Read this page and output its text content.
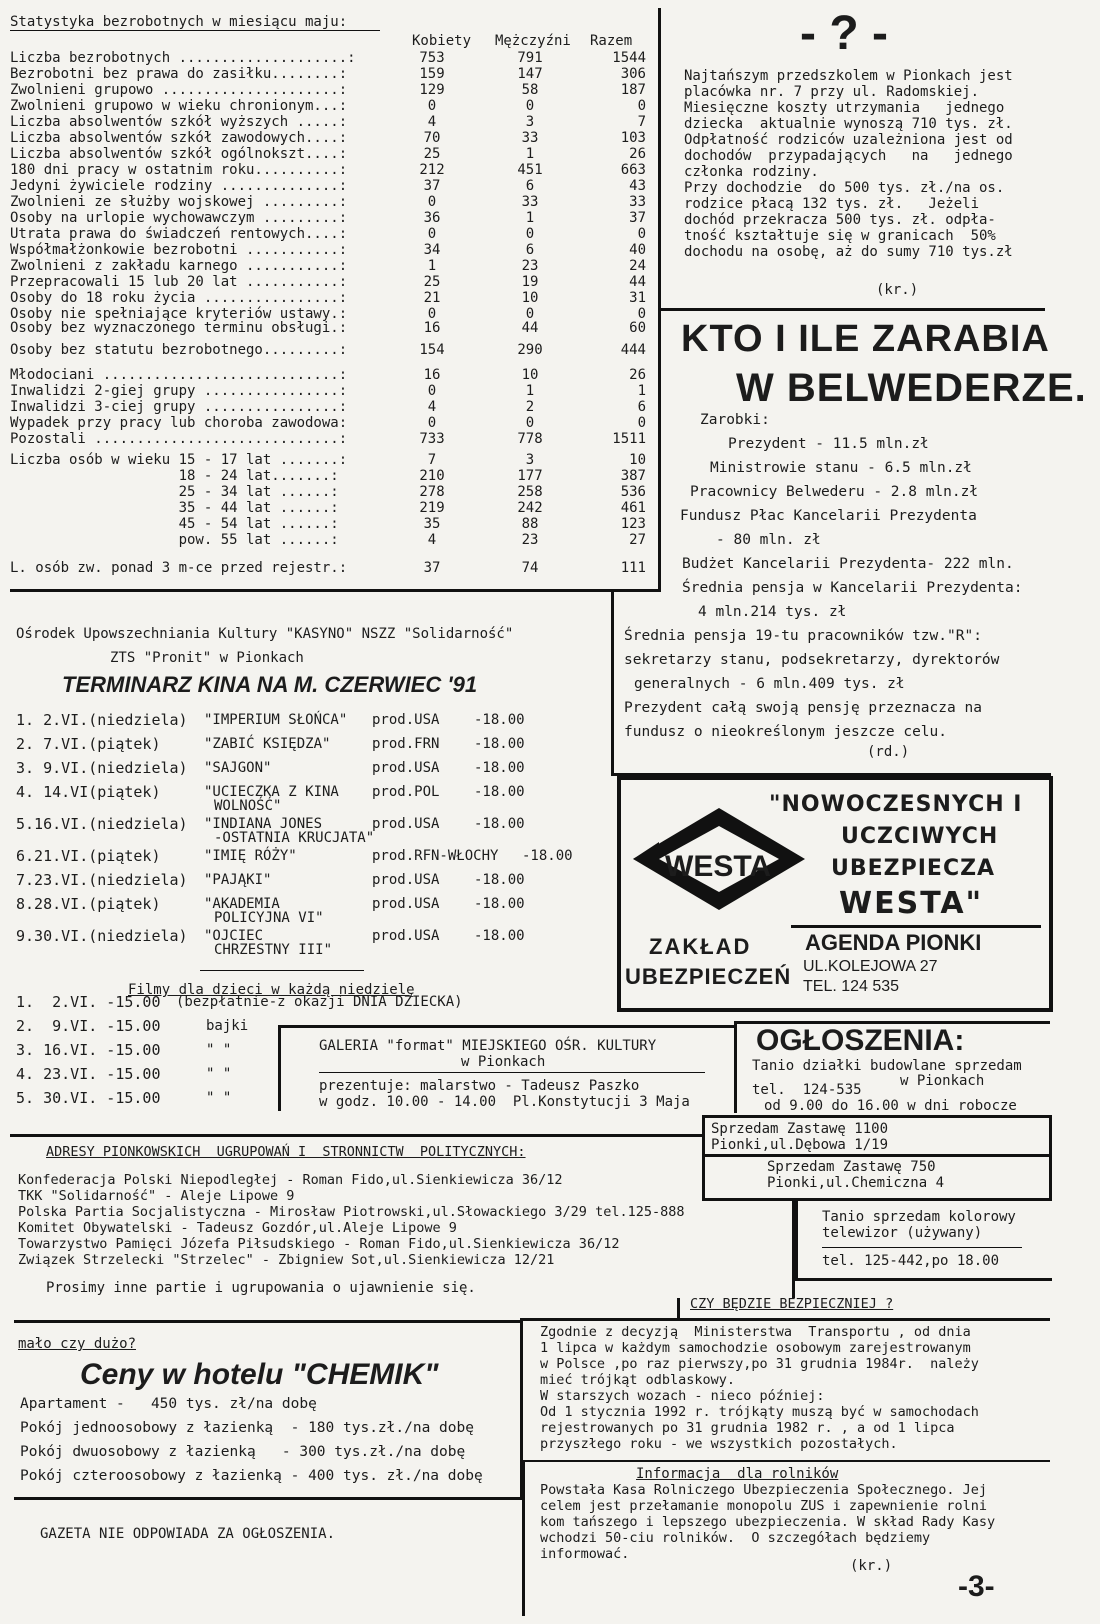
Statystyka bezrobotnych w miesiącu maju:
Kobiety Mężczyźni Razem
Liczba bezrobotnych ....................:	753	791	1544
Bezrobotni bez prawa do zasiłku........:	159	147	306
Zwolnieni grupowo .....................:	129	58	187
Zwolnieni grupowo w wieku chronionym...:	0	0	0
Liczba absolwentów szkół wyższych .....:	4	3	7
Liczba absolwentów szkół zawodowych....:	70	33	103
Liczba absolwentów szkół ogólnokszt....:	25	1	26
180 dni pracy w ostatnim roku..........:	212	451	663
Jedyni żywiciele rodziny ..............:	37	6	43
Zwolnieni ze służby wojskowej .........:	0	33	33
Osoby na urlopie wychowawczym .........:	36	1	37
Utrata prawa do świadczeń rentowych....:	0	0	0
Współmałżonkowie bezrobotni ...........:	34	6	40
Zwolnieni z zakładu karnego ...........:	1	23	24
Przepracowali 15 lub 20 lat ...........:	25	19	44
Osoby do 18 roku życia ................:	21	10	31
Osoby nie spełniające kryteriów ustawy.:	0	0	0
Osoby bez wyznaczonego terminu obsługi.:	16	44	60
Osoby bez statutu bezrobotnego.........:	154	290	444
Młodociani ............................:	16	10	26
Inwalidzi 2-giej grupy ................:	0	1	1
Inwalidzi 3-ciej grupy ................:	4	2	6
Wypadek przy pracy lub choroba zawodowa:	0	0	0
Pozostali .............................:	733	778	1511
Liczba osób w wieku 15 - 17 lat .......:	7	3	10
18 - 24 lat.......:	210	177	387
25 - 34 lat ......:	278	258	536
35 - 44 lat ......:	219	242	461
45 - 54 lat ......:	35	88	123
pow. 55 lat ......:	4	23	27
L. osób zw. ponad 3 m-ce przed rejestr.:	37	74	111
- ? -
Najtańszym przedszkolem w Pionkach jest
placówka nr. 7 przy ul. Radomskiej.
Miesięczne koszty utrzymania   jednego
dziecka  aktualnie wynoszą 710 tys. zł.
Odpłatność rodziców uzależniona jest od
dochodów  przypadających   na   jednego
członka rodziny.
Przy dochodzie  do 500 tys. zł./na os.
rodzice płacą 132 tys. zł.   Jeżeli
dochód przekracza 500 tys. zł. odpła-
tność kształtuje się w granicach  50%
dochodu na osobę, aż do sumy 710 tys.zł
(kr.)
KTO I ILE ZARABIA
W BELWEDERZE.
Zarobki:
Prezydent - 11.5 mln.zł
Ministrowie stanu - 6.5 mln.zł
Pracownicy Belwederu - 2.8 mln.zł
Fundusz Płac Kancelarii Prezydenta
- 80 mln. zł
Budżet Kancelarii Prezydenta- 222 mln.
Średnia pensja w Kancelarii Prezydenta:
4 mln.214 tys. zł
Średnia pensja 19-tu pracowników tzw."R":
sekretarzy stanu, podsekretarzy, dyrektorów
generalnych - 6 mln.409 tys. zł
Prezydent całą swoją pensję przeznacza na
fundusz o nieokreślonym jeszcze celu.
(rd.)
WESTA
"NOWOCZESNYCH I
UCZCIWYCH
UBEZPIECZA
WESTA"
ZAKŁAD
UBEZPIECZEŃ
AGENDA PIONKI
UL.KOLEJOWA 27
TEL. 124 535
Ośrodek Upowszechniania Kultury "KASYNO" NSZZ "Solidarność"
ZTS "Pronit" w Pionkach
TERMINARZ KINA NA M. CZERWIEC '91
1. 2.VI.(niedziela) "IMPERIUM SŁOŃCA" prod.USA -18.00
2. 7.VI.(piątek)	"ZABIĆ KSIĘDZA"	prod.FRN -18.00
3. 9.VI.(niedziela) "SAJGON"	prod.USA -18.00
4. 14.VI(piątek)	"UCIECZKA Z KINA
WOLNOŚĆ"
prod.POL -18.00
5.16.VI.(niedziela) "INDIANA JONES
-OSTATNIA KRUCJATA"
prod.USA -18.00
6.21.VI.(piątek)	"IMIĘ RÓŻY"	prod.RFN-WŁOCHY -18.00
7.23.VI.(niedziela) "PAJĄKI"	prod.USA -18.00
8.28.VI.(piątek)	"AKADEMIA
POLICYJNA VI"
prod.USA -18.00
9.30.VI.(niedziela) "OJCIEC
CHRZESTNY III"
prod.USA -18.00
Filmy dla dzieci w każdą niedzielę
1.  2.VI. -15.00 (bezpłatnie-z okazji DNIA DZIECKA)
2.  9.VI. -15.00	bajki
3. 16.VI. -15.00	" "
4. 23.VI. -15.00	" "
5. 30.VI. -15.00	" "
GALERIA "format" MIEJSKIEGO OŚR. KULTURY
w Pionkach
prezentuje: malarstwo - Tadeusz Paszko
w godz. 10.00 - 14.00  Pl.Konstytucji 3 Maja
OGŁOSZENIA:
Tanio działki budowlane sprzedam
w Pionkach
tel.  124-535
od 9.00 do 16.00 w dni robocze
Sprzedam Zastawę 1100
Pionki,ul.Dębowa 1/19
Sprzedam Zastawę 750
Pionki,ul.Chemiczna 4
Tanio sprzedam kolorowy
telewizor (używany)
tel. 125-442,po 18.00
ADRESY PIONKOWSKICH  UGRUPOWAŃ I  STRONNICTW  POLITYCZNYCH:
Konfederacja Polski Niepodległej - Roman Fido,ul.Sienkiewicza 36/12
TKK "Solidarność" - Aleje Lipowe 9
Polska Partia Socjalistyczna - Mirosław Piotrowski,ul.Słowackiego 3/29 tel.125-888
Komitet Obywatelski - Tadeusz Gozdór,ul.Aleje Lipowe 9
Towarzystwo Pamięci Józefa Piłsudskiego - Roman Fido,ul.Sienkiewicza 36/12
Związek Strzelecki "Strzelec" - Zbigniew Sot,ul.Sienkiewicza 12/21
Prosimy inne partie i ugrupowania o ujawnienie się.
mało czy dużo?
Ceny w hotelu "CHEMIK"
Apartament -   450 tys. zł/na dobę
Pokój jednoosobowy z łazienką  - 180 tys.zł./na dobę
Pokój dwuosobowy z łazienką   - 300 tys.zł./na dobę
Pokój czteroosobowy z łazienką - 400 tys. zł./na dobę
GAZETA NIE ODPOWIADA ZA OGŁOSZENIA.
CZY BĘDZIE BEZPIECZNIEJ ?
Zgodnie z decyzją  Ministerstwa  Transportu , od dnia
1 lipca w każdym samochodzie osobowym zarejestrowanym
w Polsce ,po raz pierwszy,po 31 grudnia 1984r.  należy
mieć trójkąt odblaskowy.
W starszych wozach - nieco później:
Od 1 stycznia 1992 r. trójkąty muszą być w samochodach
rejestrowanych po 31 grudnia 1982 r. , a od 1 lipca
przyszłego roku - we wszystkich pozostałych.
Informacja  dla rolników
Powstała Kasa Rolniczego Ubezpieczenia Społecznego. Jej
celem jest przełamanie monopolu ZUS i zapewnienie rolni
kom tańszego i lepszego ubezpieczenia. W skład Rady Kasy
wchodzi 50-ciu rolników.  O szczegółach będziemy
informować.
(kr.)
-3-
